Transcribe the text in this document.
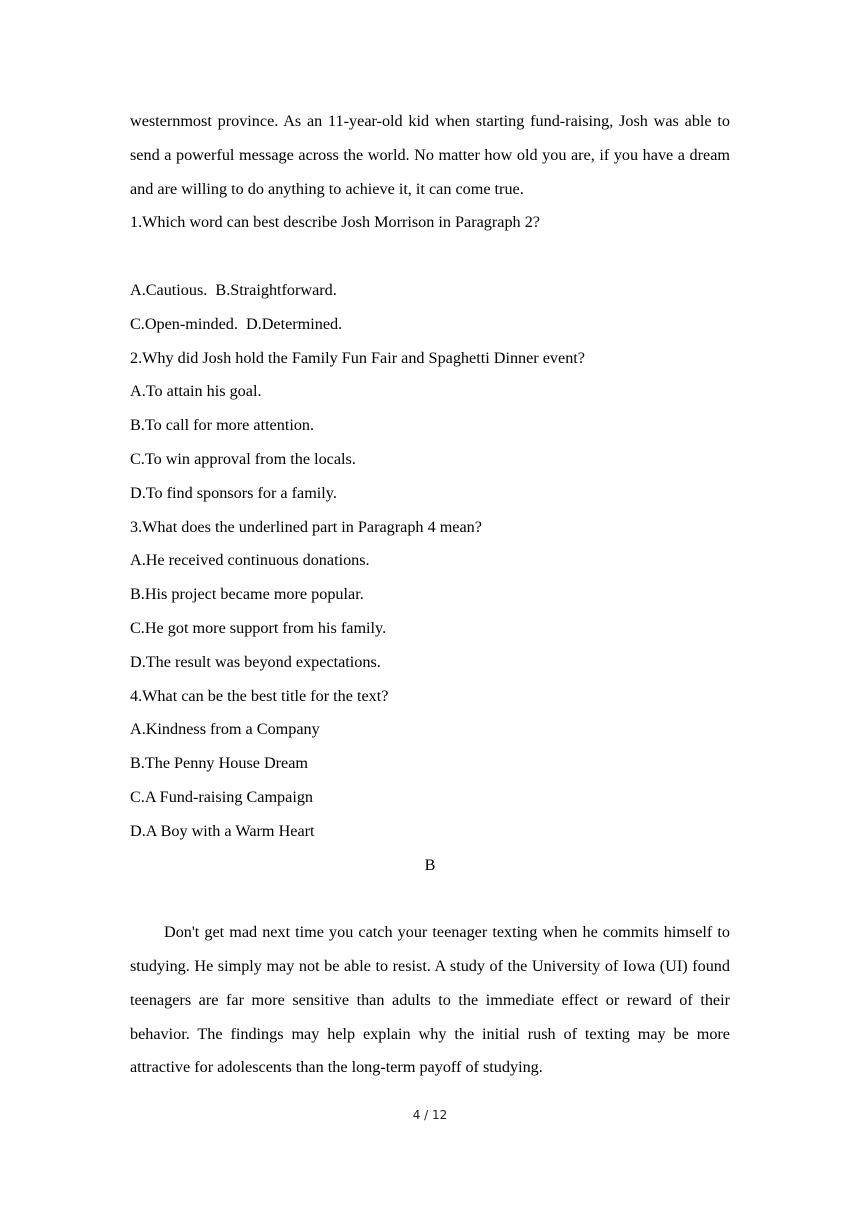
westernmost province. As an 11-year-old kid when starting fund-raising, Josh was able to send a powerful message across the world. No matter how old you are, if you have a dream and are willing to do anything to achieve it, it can come true.

1.Which word can best describe Josh Morrison in Paragraph 2?

A.Cautious.  B.Straightforward.

C.Open-minded.  D.Determined.

2.Why did Josh hold the Family Fun Fair and Spaghetti Dinner event?

A.To attain his goal.

B.To call for more attention.

C.To win approval from the locals.

D.To find sponsors for a family.

3.What does the underlined part in Paragraph 4 mean?

A.He received continuous donations.

B.His project became more popular.

C.He got more support from his family.

D.The result was beyond expectations.

4.What can be the best title for the text?

A.Kindness from a Company

B.The Penny House Dream

C.A Fund-raising Campaign

D.A Boy with a Warm Heart

B

Don't get mad next time you catch your teenager texting when he commits himself to studying. He simply may not be able to resist. A study of the University of Iowa (UI) found teenagers are far more sensitive than adults to the immediate effect or reward of their behavior. The findings may help explain why the initial rush of texting may be more attractive for adolescents than the long-term payoff of studying.

4 / 12
